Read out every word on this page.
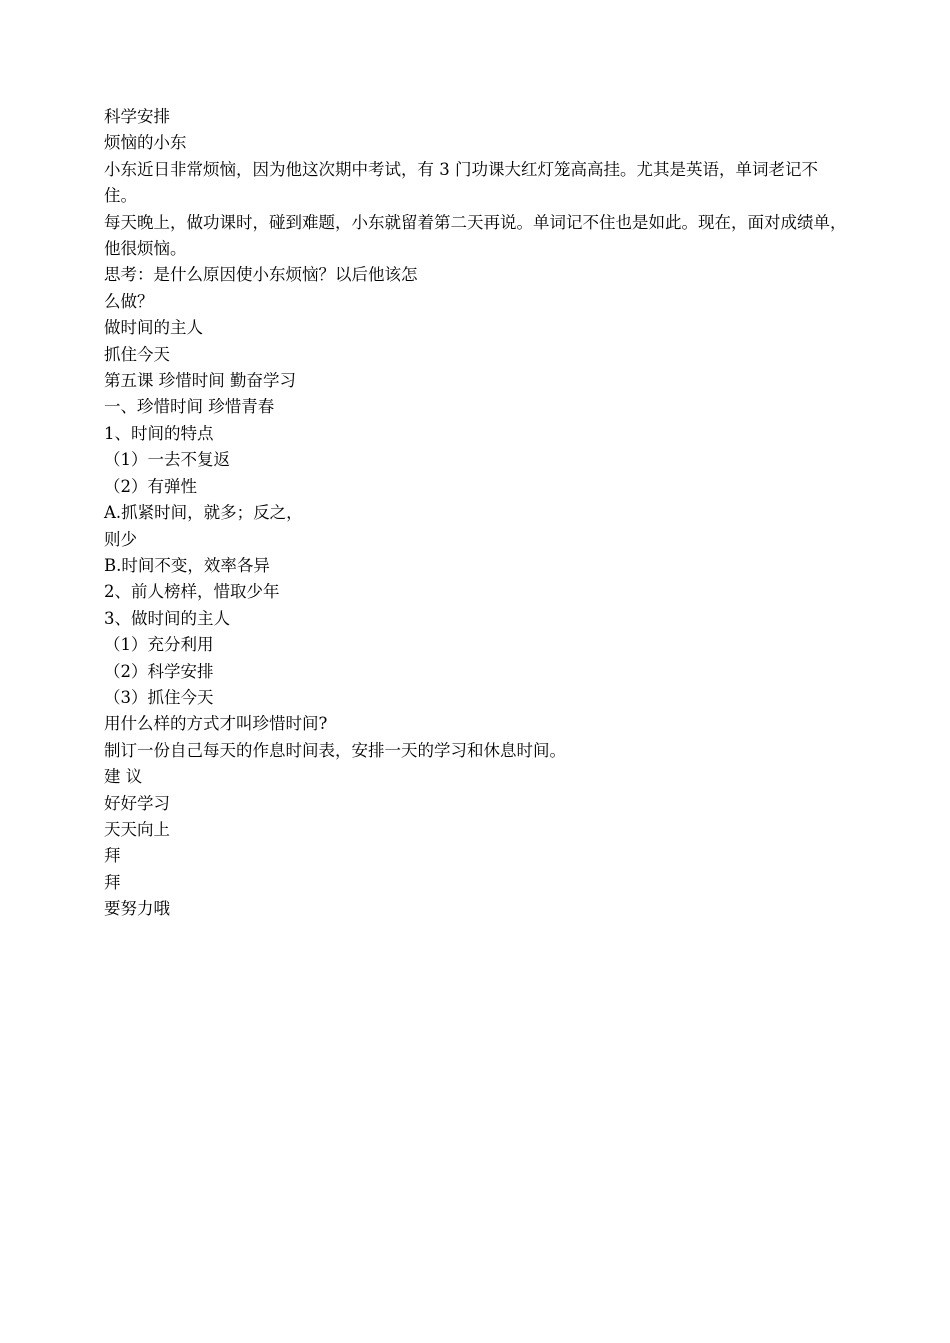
科学安排

烦恼的小东

小东近日非常烦恼，因为他这次期中考试，有 3 门功课大红灯笼高高挂。尤其是英语，单词老记不住。

每天晚上，做功课时，碰到难题，小东就留着第二天再说。单词记不住也是如此。现在，面对成绩单，他很烦恼。

思考：是什么原因使小东烦恼？以后他该怎

么做？

做时间的主人

抓住今天

第五课 珍惜时间 勤奋学习

一、珍惜时间 珍惜青春

1、时间的特点

（1）一去不复返

（2）有弹性

A.抓紧时间，就多；反之，

则少

B.时间不变，效率各异

2、前人榜样，惜取少年

3、做时间的主人

（1）充分利用

（2）科学安排

（3）抓住今天

用什么样的方式才叫珍惜时间?

制订一份自己每天的作息时间表，安排一天的学习和休息时间。

建 议

好好学习

天天向上

拜

拜

要努力哦
